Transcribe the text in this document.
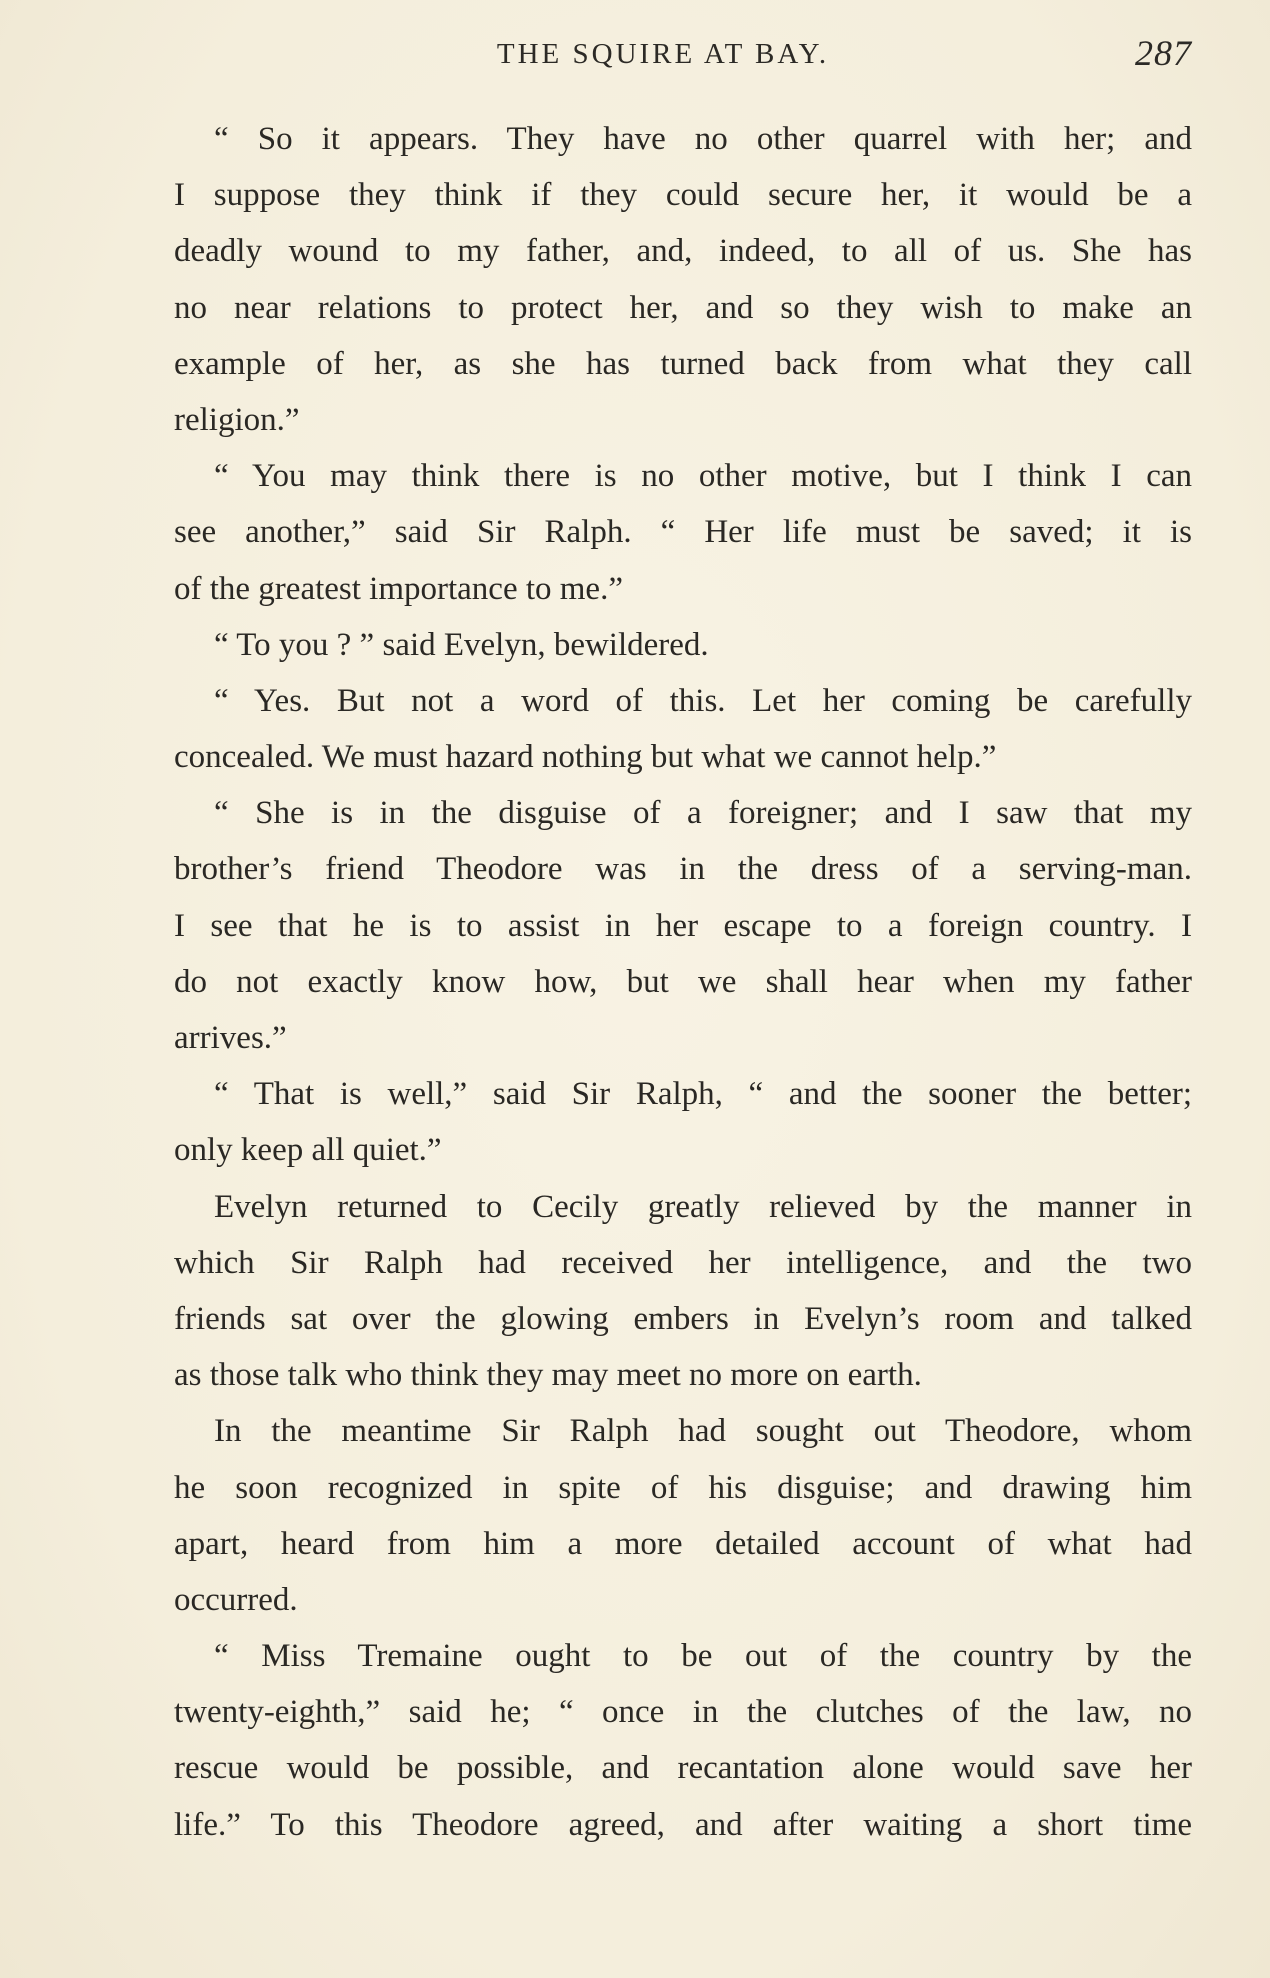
THE SQUIRE AT BAY.	287
“ So it appears. They have no other quarrel with her; and
I suppose they think if they could secure her, it would be a
deadly wound to my father, and, indeed, to all of us. She has
no near relations to protect her, and so they wish to make an
example of her, as she has turned back from what they call
religion.”
“ You may think there is no other motive, but I think I can
see another,” said Sir Ralph. “ Her life must be saved; it is
of the greatest importance to me.”
“ To you ? ” said Evelyn, bewildered.
“ Yes. But not a word of this. Let her coming be carefully
concealed. We must hazard nothing but what we cannot help.”
“ She is in the disguise of a foreigner; and I saw that my
brother’s friend Theodore was in the dress of a serving-man.
I see that he is to assist in her escape to a foreign country. I
do not exactly know how, but we shall hear when my father
arrives.”
“ That is well,” said Sir Ralph, “ and the sooner the better;
only keep all quiet.”
Evelyn returned to Cecily greatly relieved by the manner in
which Sir Ralph had received her intelligence, and the two
friends sat over the glowing embers in Evelyn’s room and talked
as those talk who think they may meet no more on earth.
In the meantime Sir Ralph had sought out Theodore, whom
he soon recognized in spite of his disguise; and drawing him
apart, heard from him a more detailed account of what had
occurred.
“ Miss Tremaine ought to be out of the country by the
twenty-eighth,” said he; “ once in the clutches of the law, no
rescue would be possible, and recantation alone would save her
life.” To this Theodore agreed, and after waiting a short time
